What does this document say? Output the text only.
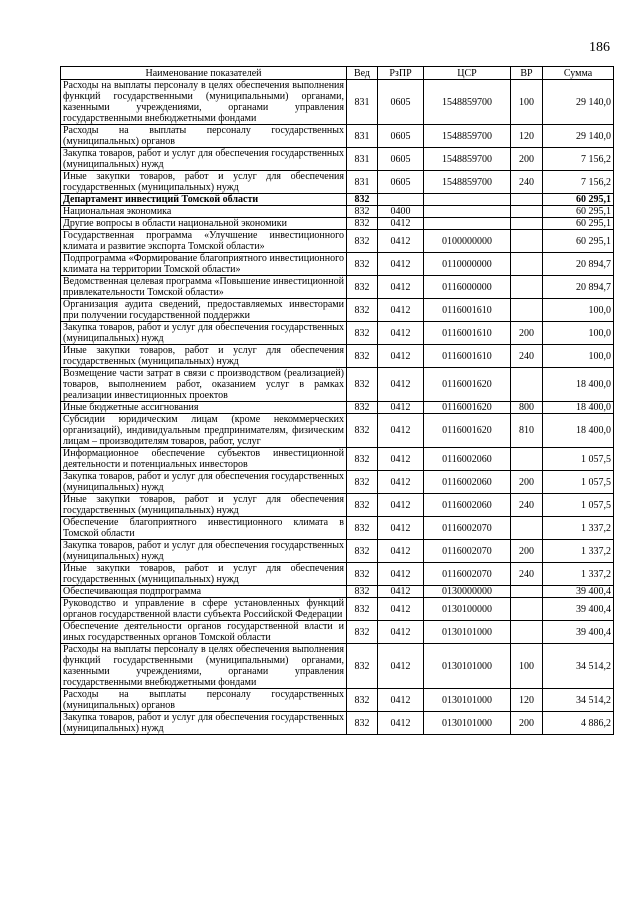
186
Наименование показателей	Вед	РзПР	ЦСР	ВР	Сумма
Расходы на выплаты персоналу в целях обеспечения выполнения функций государственными (муниципальными) органами, казенными учреждениями, органами управления государственными внебюджетными фондами	831	0605	1548859700	100	29 140,0
Расходы на выплаты персоналу государственных (муниципальных) органов	831	0605	1548859700	120	29 140,0
Закупка товаров, работ и услуг для обеспечения государственных (муниципальных) нужд	831	0605	1548859700	200	7 156,2
Иные закупки товаров, работ и услуг для обеспечения государственных (муниципальных) нужд	831	0605	1548859700	240	7 156,2
Департамент инвестиций Томской области	832				60 295,1
Национальная экономика	832	0400			60 295,1
Другие вопросы в области национальной экономики	832	0412			60 295,1
Государственная программа «Улучшение инвестиционного климата и развитие экспорта Томской области»	832	0412	0100000000		60 295,1
Подпрограмма «Формирование благоприятного инвестиционного климата на территории Томской области»	832	0412	0110000000		20 894,7
Ведомственная целевая программа «Повышение инвестиционной привлекательности Томской области»	832	0412	0116000000		20 894,7
Организация аудита сведений, предоставляемых инвесторами при получении государственной поддержки	832	0412	0116001610		100,0
Закупка товаров, работ и услуг для обеспечения государственных (муниципальных) нужд	832	0412	0116001610	200	100,0
Иные закупки товаров, работ и услуг для обеспечения государственных (муниципальных) нужд	832	0412	0116001610	240	100,0
Возмещение части затрат в связи с производством (реализацией) товаров, выполнением работ, оказанием услуг в рамках реализации инвестиционных проектов	832	0412	0116001620		18 400,0
Иные бюджетные ассигнования	832	0412	0116001620	800	18 400,0
Субсидии юридическим лицам (кроме некоммерческих организаций), индивидуальным предпринимателям, физическим лицам – производителям товаров, работ, услуг	832	0412	0116001620	810	18 400,0
Информационное обеспечение субъектов инвестиционной деятельности и потенциальных инвесторов	832	0412	0116002060		1 057,5
Закупка товаров, работ и услуг для обеспечения государственных (муниципальных) нужд	832	0412	0116002060	200	1 057,5
Иные закупки товаров, работ и услуг для обеспечения государственных (муниципальных) нужд	832	0412	0116002060	240	1 057,5
Обеспечение благоприятного инвестиционного климата в Томской области	832	0412	0116002070		1 337,2
Закупка товаров, работ и услуг для обеспечения государственных (муниципальных) нужд	832	0412	0116002070	200	1 337,2
Иные закупки товаров, работ и услуг для обеспечения государственных (муниципальных) нужд	832	0412	0116002070	240	1 337,2
Обеспечивающая подпрограмма	832	0412	0130000000		39 400,4
Руководство и управление в сфере установленных функций органов государственной власти субъекта Российской Федерации	832	0412	0130100000		39 400,4
Обеспечение деятельности органов государственной власти и иных государственных органов Томской области	832	0412	0130101000		39 400,4
Расходы на выплаты персоналу в целях обеспечения выполнения функций государственными (муниципальными) органами, казенными учреждениями, органами управления государственными внебюджетными фондами	832	0412	0130101000	100	34 514,2
Расходы на выплаты персоналу государственных (муниципальных) органов	832	0412	0130101000	120	34 514,2
Закупка товаров, работ и услуг для обеспечения государственных (муниципальных) нужд	832	0412	0130101000	200	4 886,2
